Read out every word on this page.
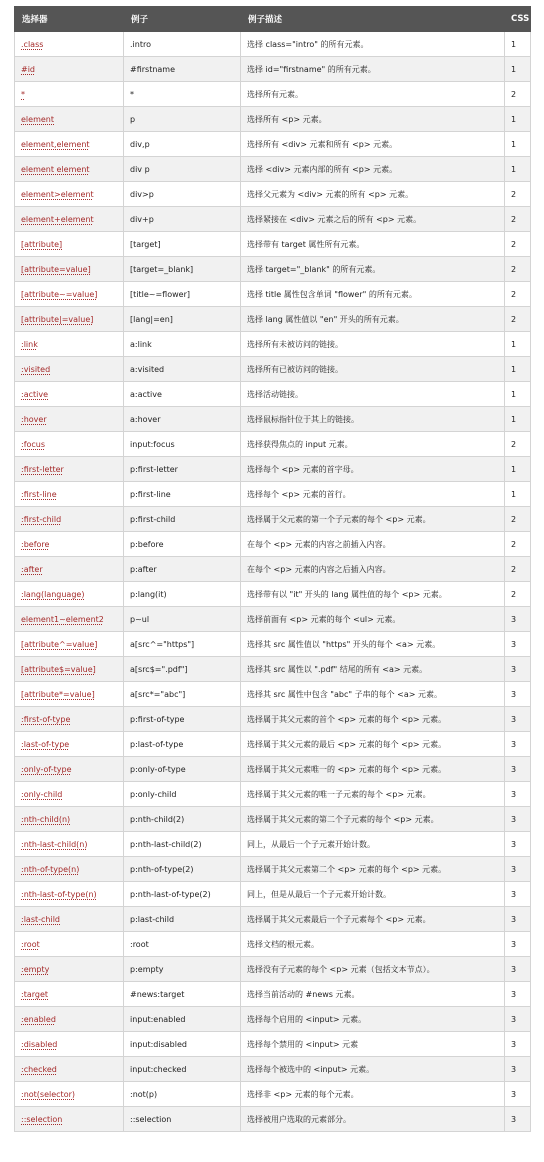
选择器	例子	例子描述	CSS
.class	.intro	选择 class="intro" 的所有元素。	1
#id	#firstname	选择 id="firstname" 的所有元素。	1
*	*	选择所有元素。	2
element	p	选择所有 <p> 元素。	1
element,element	div,p	选择所有 <div> 元素和所有 <p> 元素。	1
element element	div p	选择 <div> 元素内部的所有 <p> 元素。	1
element>element	div>p	选择父元素为 <div> 元素的所有 <p> 元素。	2
element+element	div+p	选择紧接在 <div> 元素之后的所有 <p> 元素。	2
[attribute]	[target]	选择带有 target 属性所有元素。	2
[attribute=value]	[target=_blank]	选择 target="_blank" 的所有元素。	2
[attribute~=value]	[title~=flower]	选择 title 属性包含单词 "flower" 的所有元素。	2
[attribute|=value]	[lang|=en]	选择 lang 属性值以 "en" 开头的所有元素。	2
:link	a:link	选择所有未被访问的链接。	1
:visited	a:visited	选择所有已被访问的链接。	1
:active	a:active	选择活动链接。	1
:hover	a:hover	选择鼠标指针位于其上的链接。	1
:focus	input:focus	选择获得焦点的 input 元素。	2
:first-letter	p:first-letter	选择每个 <p> 元素的首字母。	1
:first-line	p:first-line	选择每个 <p> 元素的首行。	1
:first-child	p:first-child	选择属于父元素的第一个子元素的每个 <p> 元素。	2
:before	p:before	在每个 <p> 元素的内容之前插入内容。	2
:after	p:after	在每个 <p> 元素的内容之后插入内容。	2
:lang(language)	p:lang(it)	选择带有以 "it" 开头的 lang 属性值的每个 <p> 元素。	2
element1~element2	p~ul	选择前面有 <p> 元素的每个 <ul> 元素。	3
[attribute^=value]	a[src^="https"]	选择其 src 属性值以 "https" 开头的每个 <a> 元素。	3
[attribute$=value]	a[src$=".pdf"]	选择其 src 属性以 ".pdf" 结尾的所有 <a> 元素。	3
[attribute*=value]	a[src*="abc"]	选择其 src 属性中包含 "abc" 子串的每个 <a> 元素。	3
:first-of-type	p:first-of-type	选择属于其父元素的首个 <p> 元素的每个 <p> 元素。	3
:last-of-type	p:last-of-type	选择属于其父元素的最后 <p> 元素的每个 <p> 元素。	3
:only-of-type	p:only-of-type	选择属于其父元素唯一的 <p> 元素的每个 <p> 元素。	3
:only-child	p:only-child	选择属于其父元素的唯一子元素的每个 <p> 元素。	3
:nth-child(n)	p:nth-child(2)	选择属于其父元素的第二个子元素的每个 <p> 元素。	3
:nth-last-child(n)	p:nth-last-child(2)	同上，从最后一个子元素开始计数。	3
:nth-of-type(n)	p:nth-of-type(2)	选择属于其父元素第二个 <p> 元素的每个 <p> 元素。	3
:nth-last-of-type(n)	p:nth-last-of-type(2)	同上，但是从最后一个子元素开始计数。	3
:last-child	p:last-child	选择属于其父元素最后一个子元素每个 <p> 元素。	3
:root	:root	选择文档的根元素。	3
:empty	p:empty	选择没有子元素的每个 <p> 元素（包括文本节点）。	3
:target	#news:target	选择当前活动的 #news 元素。	3
:enabled	input:enabled	选择每个启用的 <input> 元素。	3
:disabled	input:disabled	选择每个禁用的 <input> 元素	3
:checked	input:checked	选择每个被选中的 <input> 元素。	3
:not(selector)	:not(p)	选择非 <p> 元素的每个元素。	3
::selection	::selection	选择被用户选取的元素部分。	3
